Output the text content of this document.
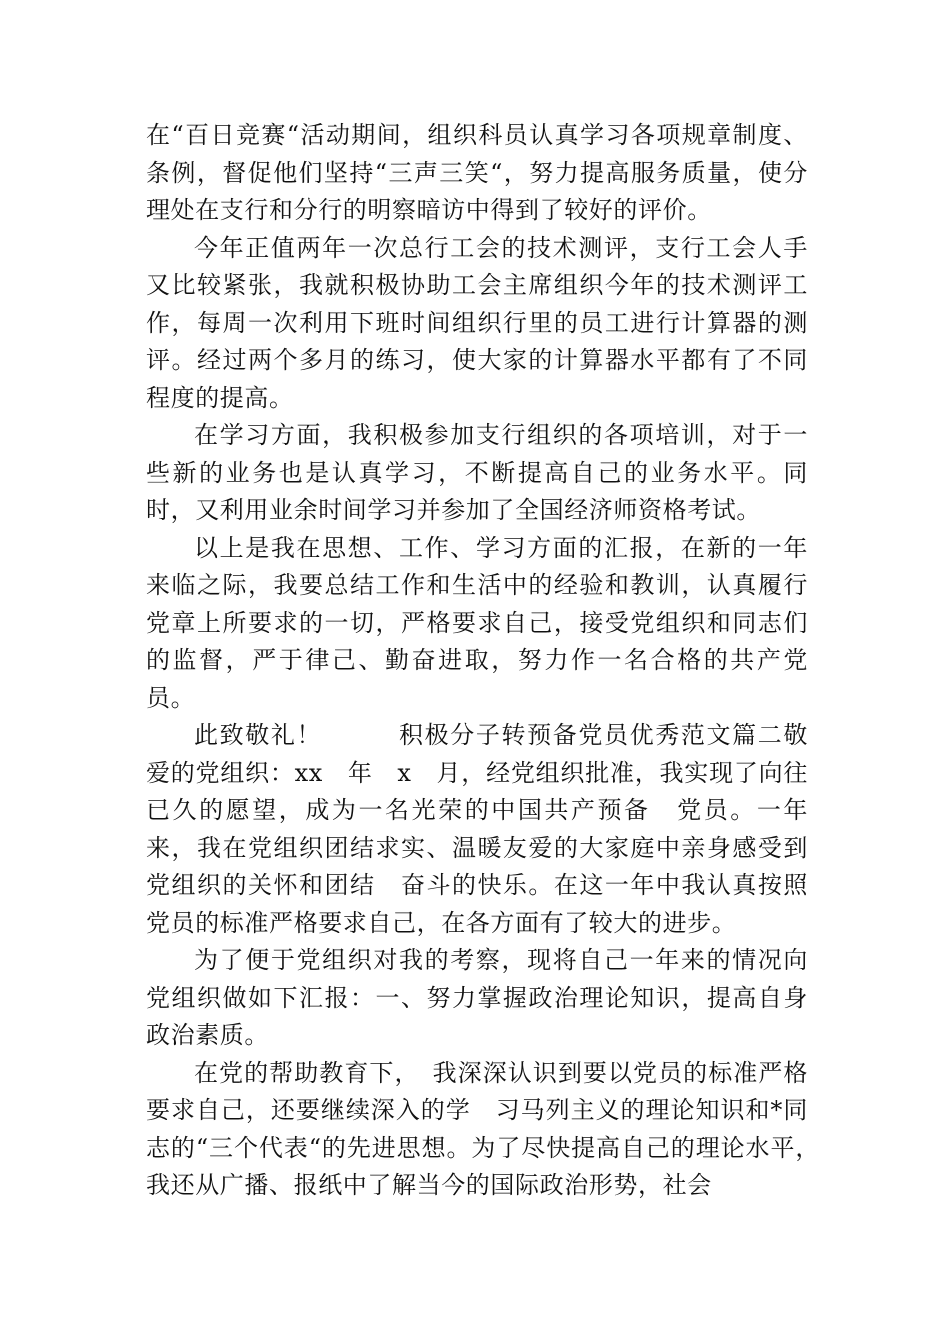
在“百日竞赛“活动期间，组织科员认真学习各项规章制度、条例，督促他们坚持“三声三笑“，努力提高服务质量，使分理处在支行和分行的明察暗访中得到了较好的评价。

今年正值两年一次总行工会的技术测评，支行工会人手又比较紧张，我就积极协助工会主席组织今年的技术测评工作，每周一次利用下班时间组织行里的员工进行计算器的测评。经过两个多月的练习，使大家的计算器水平都有了不同程度的提高。

在学习方面，我积极参加支行组织的各项培训，对于一些新的业务也是认真学习，不断提高自己的业务水平。同时，又利用业余时间学习并参加了全国经济师资格考试。

以上是我在思想、工作、学习方面的汇报，在新的一年来临之际，我要总结工作和生活中的经验和教训，认真履行党章上所要求的一切，严格要求自己，接受党组织和同志们的监督，严于律己、勤奋进取，努力作一名合格的共产党员。

此致敬礼！　　　积极分子转预备党员优秀范文篇二敬爱的党组织：xx　年　x　月，经党组织批准，我实现了向往已久的愿望，成为一名光荣的中国共产预备　党员。一年来，我在党组织团结求实、温暖友爱的大家庭中亲身感受到党组织的关怀和团结　奋斗的快乐。在这一年中我认真按照党员的标准严格要求自己，在各方面有了较大的进步。

为了便于党组织对我的考察，现将自己一年来的情况向党组织做如下汇报：一、努力掌握政治理论知识，提高自身政治素质。

在党的帮助教育下，　我深深认识到要以党员的标准严格要求自己，还要继续深入的学　习马列主义的理论知识和*同志的“三个代表“的先进思想。为了尽快提高自己的理论水平，　我还从广播、报纸中了解当今的国际政治形势，社会
